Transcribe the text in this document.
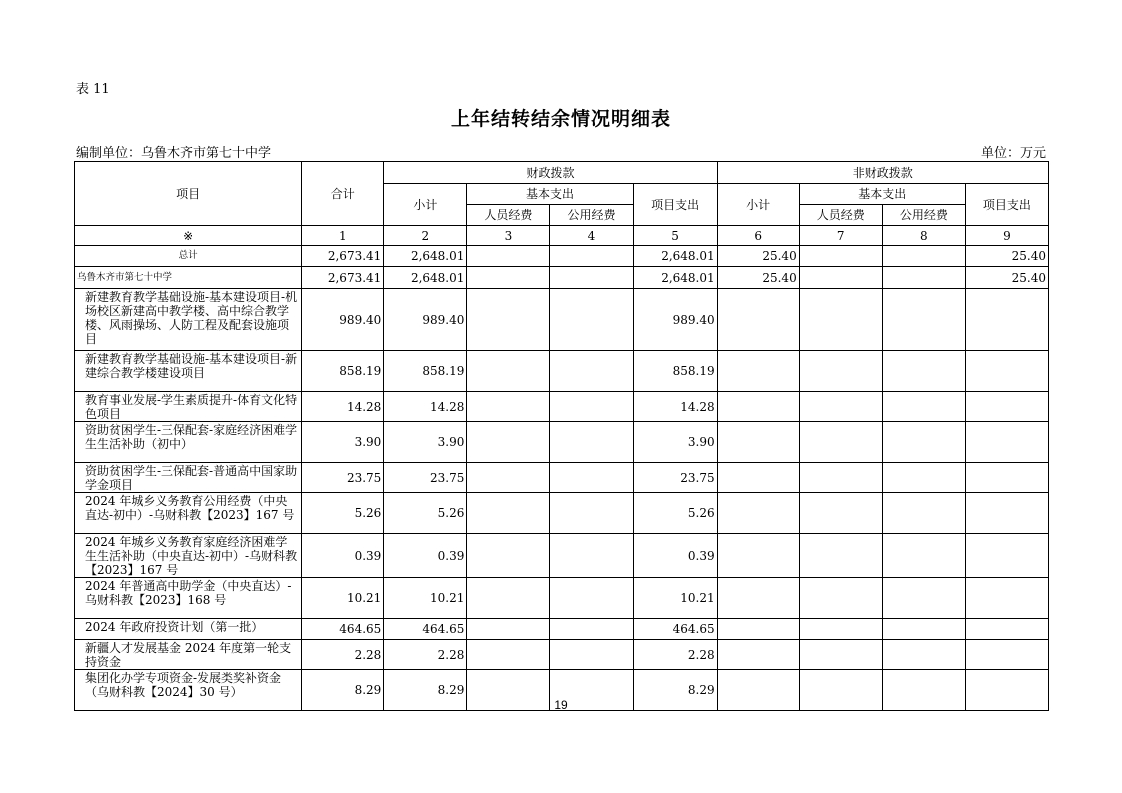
表 11
上年结转结余情况明细表
编制单位：乌鲁木齐市第七十中学	单位：万元
项目	合计	财政拨款				非财政拨款			
		小计	基本支出		项目支出	小计	基本支出		项目支出
			人员经费	公用经费			人员经费	公用经费	
※	1	2	3	4	5	6	7	8	9
总计	2,673.41	2,648.01			2,648.01	25.40			25.40
乌鲁木齐市第七十中学	2,673.41	2,648.01			2,648.01	25.40			25.40
新建教育教学基础设施-基本建设项目-机场校区新建高中教学楼、高中综合教学楼、风雨操场、人防工程及配套设施项目	989.40	989.40			989.40				
新建教育教学基础设施-基本建设项目-新建综合教学楼建设项目	858.19	858.19			858.19				
教育事业发展-学生素质提升-体育文化特色项目	14.28	14.28			14.28				
资助贫困学生-三保配套-家庭经济困难学生生活补助（初中）	3.90	3.90			3.90				
资助贫困学生-三保配套-普通高中国家助学金项目	23.75	23.75			23.75				
2024 年城乡义务教育公用经费（中央直达-初中）-乌财科教【2023】167 号	5.26	5.26			5.26				
2024 年城乡义务教育家庭经济困难学生生活补助（中央直达-初中）-乌财科教【2023】167 号	0.39	0.39			0.39				
2024 年普通高中助学金（中央直达）-乌财科教【2023】168 号	10.21	10.21			10.21				
2024 年政府投资计划（第一批）	464.65	464.65			464.65				
新疆人才发展基金 2024 年度第一轮支持资金	2.28	2.28			2.28				
集团化办学专项资金-发展类奖补资金（乌财科教【2024】30 号）	8.29	8.29			8.29				
19
